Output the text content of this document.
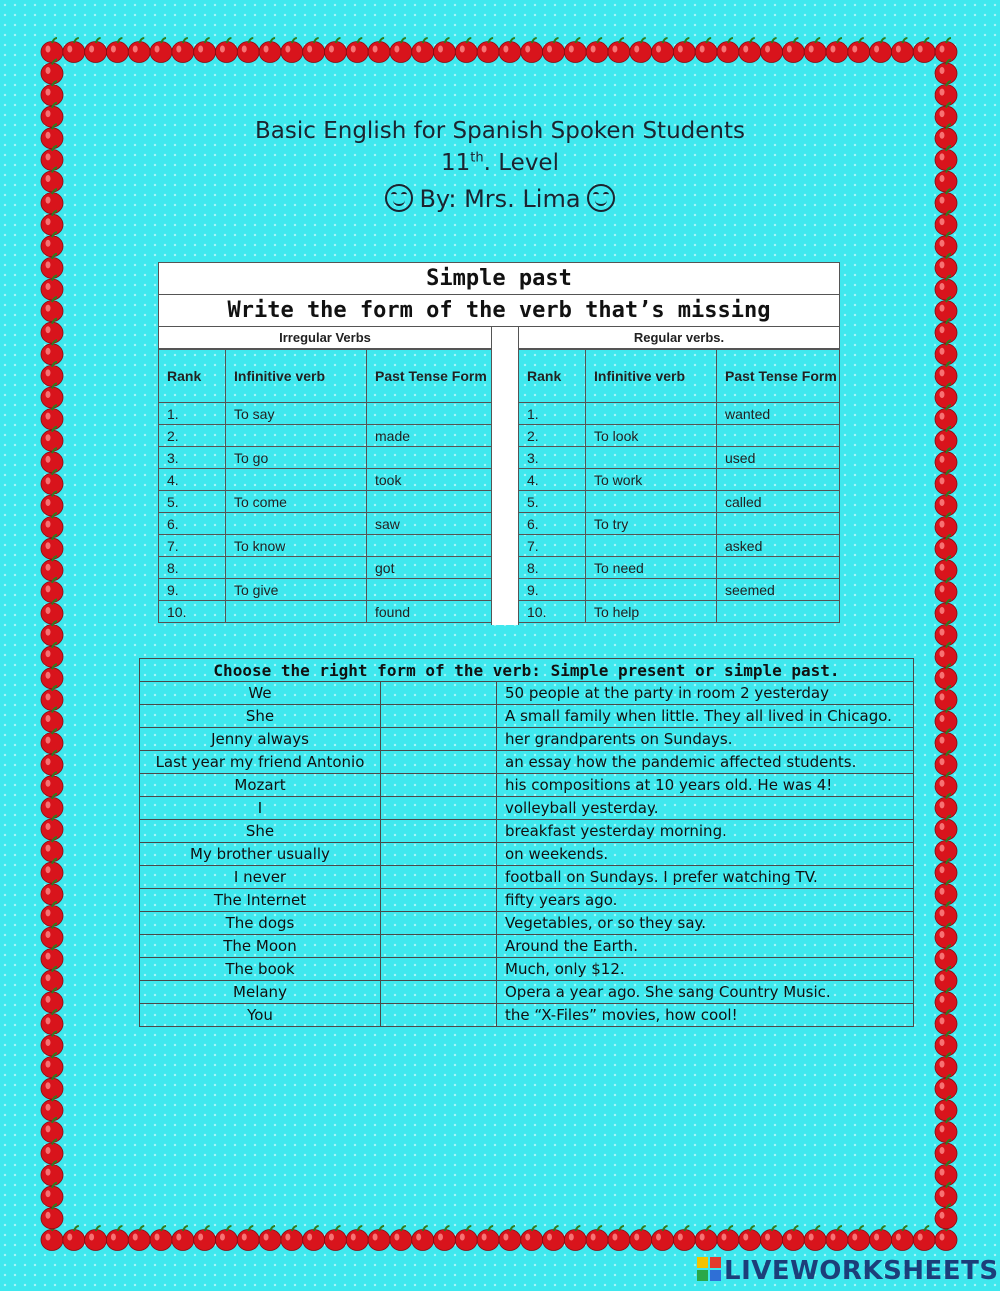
Basic English for Spanish Spoken Students
11th. Level
By: Mrs. Lima
Simple past
Write the form of the verb that’s missing
Irregular Verbs	Regular verbs.
Rank	Infinitive verb	Past Tense Form
1.	To say	
2.		made
3.	To go	
4.		took
5.	To come	
6.		saw
7.	To know	
8.		got
9.	To give	
10.		found
Rank	Infinitive verb	Past Tense Form
1.		wanted
2.	To look	
3.		used
4.	To work	
5.		called
6.	To try	
7.		asked
8.	To need	
9.		seemed
10.	To help	
Choose the right form of the verb: Simple present or simple past.		
We		50 people at the party in room 2 yesterday
She		A small family when little. They all lived in Chicago.
Jenny always		her grandparents on Sundays.
Last year my friend Antonio		an essay how the pandemic affected students.
Mozart		his compositions at 10 years old. He was 4!
I		volleyball yesterday.
She		breakfast yesterday morning.
My brother usually		on weekends.
I never		football on Sundays. I prefer watching TV.
The Internet		fifty years ago.
The dogs		Vegetables, or so they say.
The Moon		Around the Earth.
The book		Much, only $12.
Melany		Opera a year ago. She sang Country Music.
You		the “X-Files” movies, how cool!
LIVEWORKSHEETS
